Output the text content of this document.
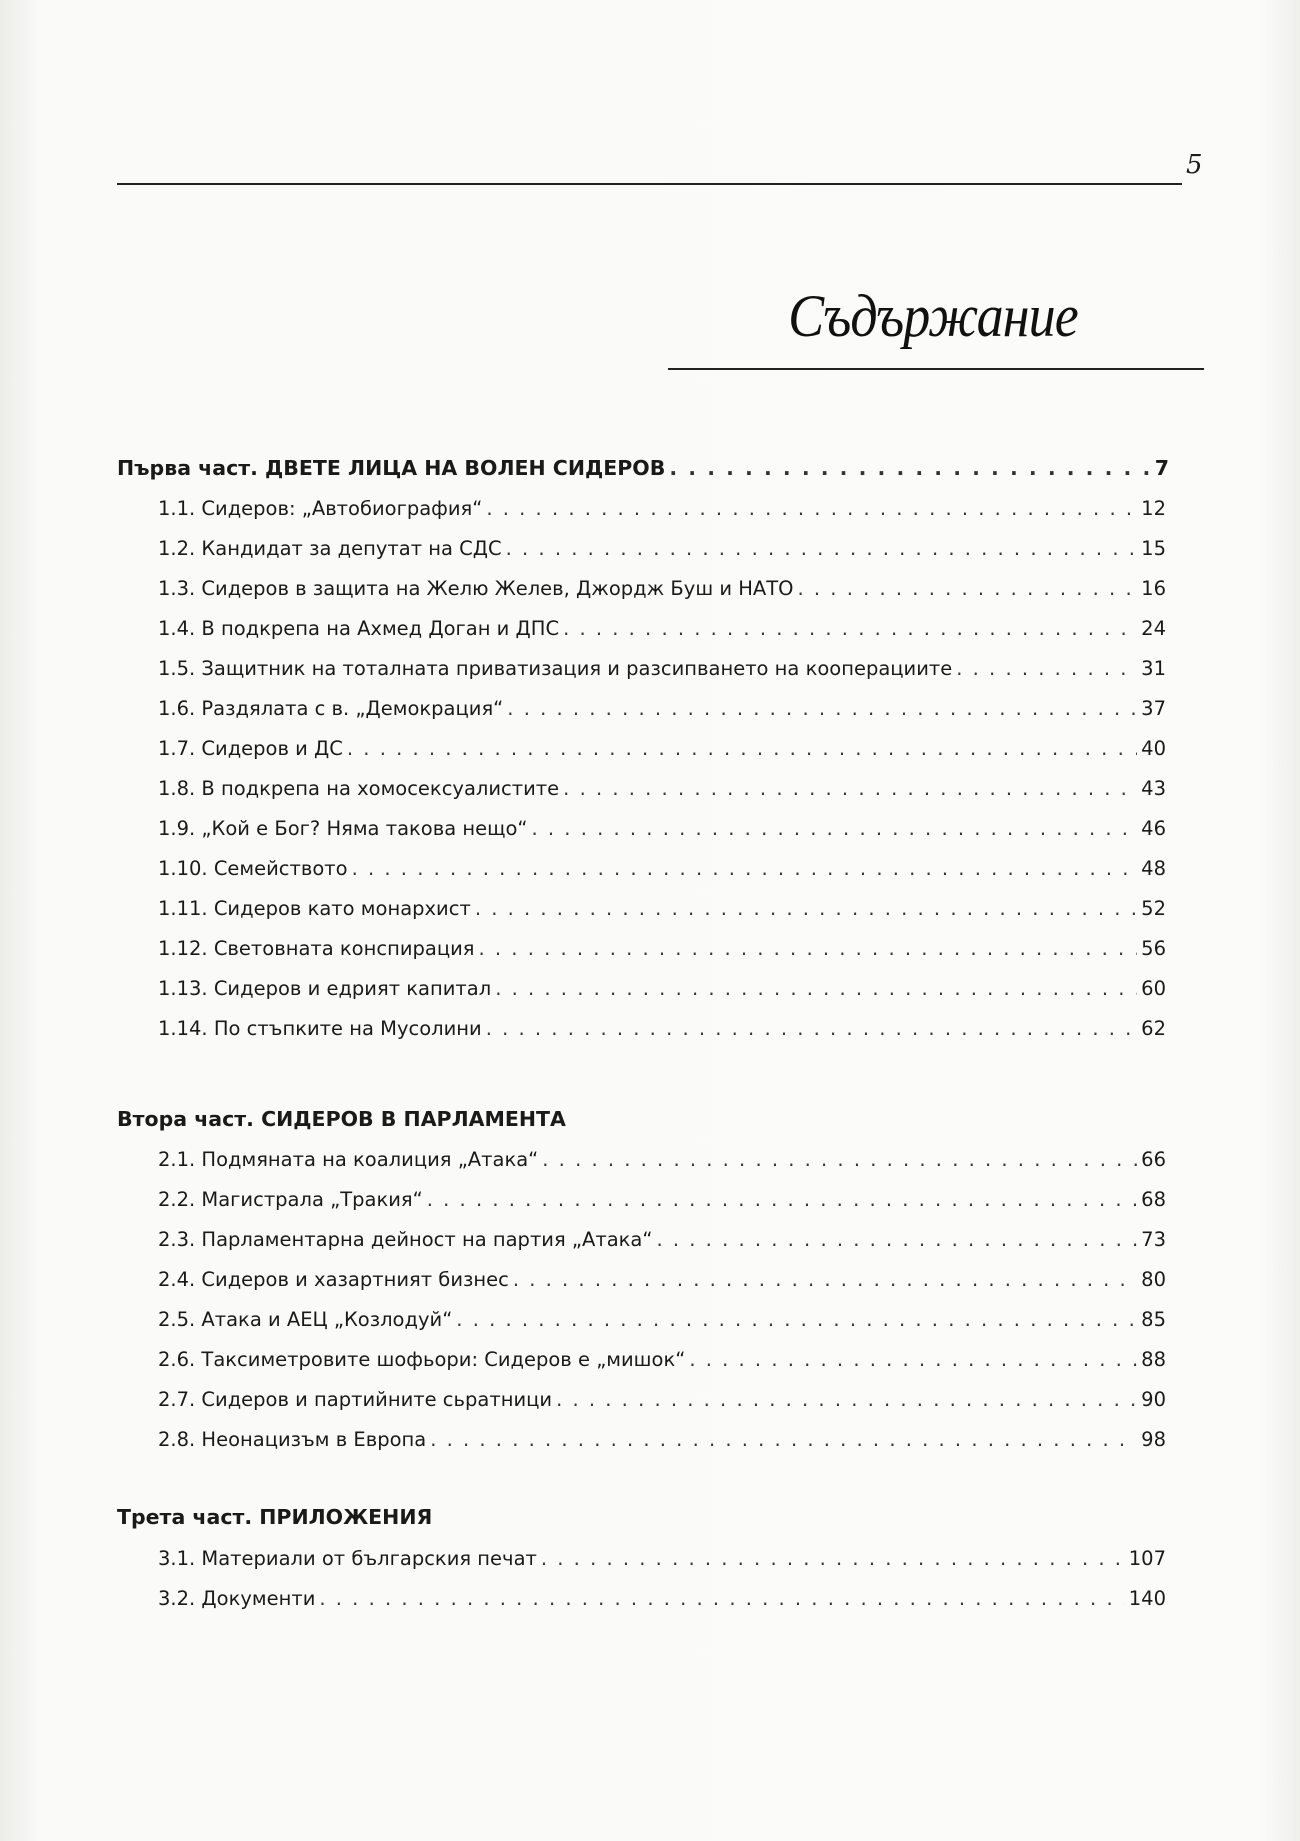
5
Съдържание
Първа част. ДВЕТЕ ЛИЦА НА ВОЛЕН СИДЕРОВ . . .	7
1.1. Сидеров: „Автобиография“ . . .	12
1.2. Кандидат за депутат на СДС . . .	15
1.3. Сидеров в защита на Желю Желев, Джордж Буш и НАТО . . .	16
1.4. В подкрепа на Ахмед Доган и ДПС . . .	24
1.5. Защитник на тоталната приватизация и разсипването на кооперациите . . .	31
1.6. Раздялата с в. „Демокрация“ . . .	37
1.7. Сидеров и ДС . . .	40
1.8. В подкрепа на хомосексуалистите . . .	43
1.9. „Кой е Бог? Няма такова нещо“ . . .	46
1.10. Семейството . . .	48
1.11. Сидеров като монархист . . .	52
1.12. Световната конспирация . . .	56
1.13. Сидеров и едрият капитал . . .	60
1.14. По стъпките на Мусолини . . .	62
Втора част. СИДЕРОВ В ПАРЛАМЕНТА
2.1. Подмяната на коалиция „Атака“ . . .	66
2.2. Магистрала „Тракия“ . . .	68
2.3. Парламентарна дейност на партия „Атака“ . . .	73
2.4. Сидеров и хазартният бизнес . . .	80
2.5. Атака и АЕЦ „Козлодуй“ . . .	85
2.6. Таксиметровите шофьори: Сидеров е „мишок“ . . .	88
2.7. Сидеров и партийните сьратници . . .	90
2.8. Неонацизъм в Европа . . .	98
Трета част. ПРИЛОЖЕНИЯ
3.1. Материали от българския печат . . .	107
3.2. Документи . . .	140
